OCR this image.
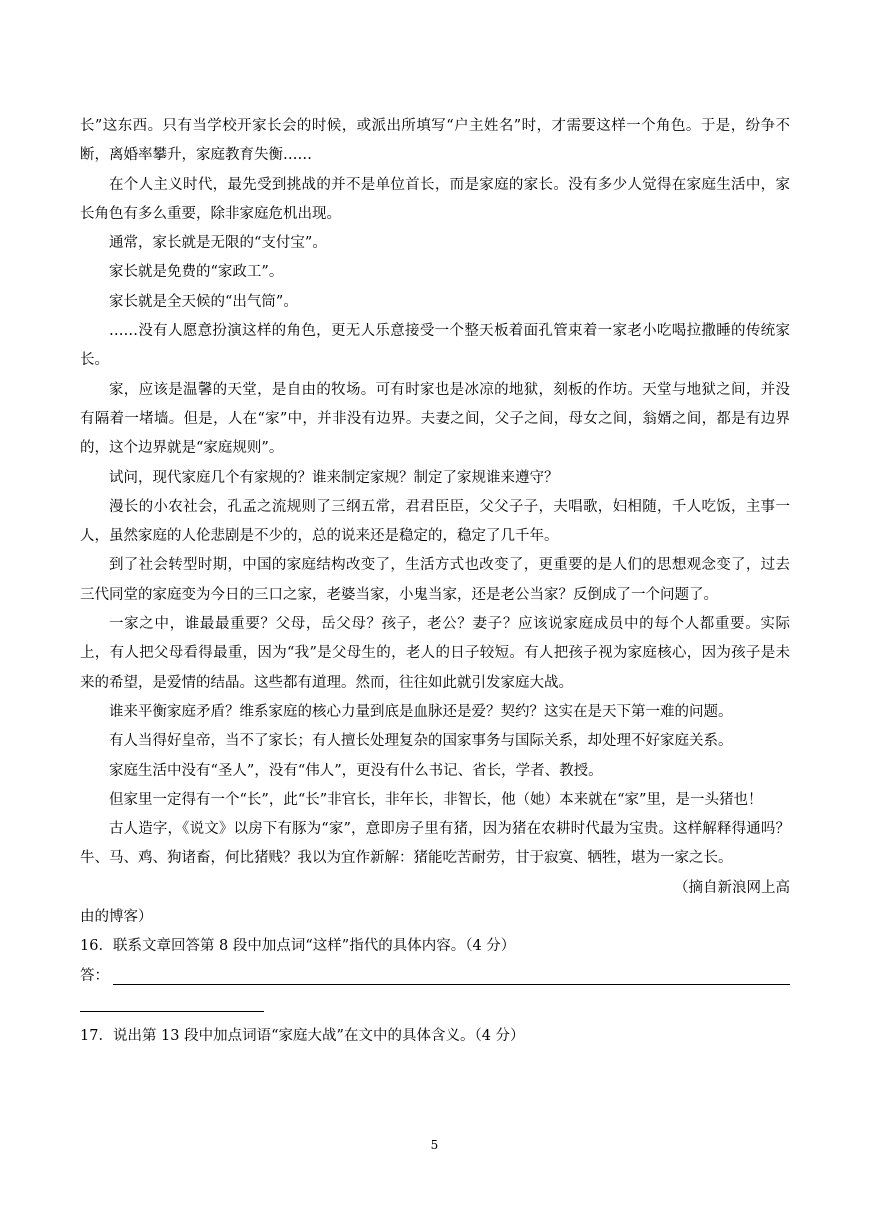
长”这东西。只有当学校开家长会的时候，或派出所填写“户主姓名”时，才需要这样一个角色。于是，纷争不断，离婚率攀升，家庭教育失衡……

在个人主义时代，最先受到挑战的并不是单位首长，而是家庭的家长。没有多少人觉得在家庭生活中，家长角色有多么重要，除非家庭危机出现。

通常，家长就是无限的“支付宝”。

家长就是免费的“家政工”。

家长就是全天候的“出气筒”。

……没有人愿意扮演这样的角色，更无人乐意接受一个整天板着面孔管束着一家老小吃喝拉撒睡的传统家长。

家，应该是温馨的天堂，是自由的牧场。可有时家也是冰凉的地狱，刻板的作坊。天堂与地狱之间，并没有隔着一堵墙。但是，人在“家”中，并非没有边界。夫妻之间，父子之间，母女之间，翁婿之间，都是有边界的，这个边界就是“家庭规则”。

试问，现代家庭几个有家规的？谁来制定家规？制定了家规谁来遵守？

漫长的小农社会，孔孟之流规则了三纲五常，君君臣臣，父父子子，夫唱歌，妇相随，千人吃饭，主事一人，虽然家庭的人伦悲剧是不少的，总的说来还是稳定的，稳定了几千年。

到了社会转型时期，中国的家庭结构改变了，生活方式也改变了，更重要的是人们的思想观念变了，过去三代同堂的家庭变为今日的三口之家，老婆当家，小鬼当家，还是老公当家？反倒成了一个问题了。

一家之中，谁最最重要？父母，岳父母？孩子，老公？妻子？应该说家庭成员中的每个人都重要。实际上，有人把父母看得最重，因为“我”是父母生的，老人的日子较短。有人把孩子视为家庭核心，因为孩子是未来的希望，是爱情的结晶。这些都有道理。然而，往往如此就引发家庭大战。

谁来平衡家庭矛盾？维系家庭的核心力量到底是血脉还是爱？契约？这实在是天下第一难的问题。

有人当得好皇帝，当不了家长；有人擅长处理复杂的国家事务与国际关系，却处理不好家庭关系。

家庭生活中没有“圣人”，没有“伟人”，更没有什么书记、省长，学者、教授。

但家里一定得有一个“长”，此“长”非官长，非年长，非智长，他（她）本来就在“家”里，是一头猪也！

古人造字，《说文》以房下有豚为“家”，意即房子里有猪，因为猪在农耕时代最为宝贵。这样解释得通吗？牛、马、鸡、狗诸畜，何比猪贱？我以为宜作新解：猪能吃苦耐劳，甘于寂寞、牺牲，堪为一家之长。

（摘自新浪网上高

由的博客）

16．联系文章回答第 8 段中加点词“这样”指代的具体内容。（4 分）

答：

17．说出第 13 段中加点词语“家庭大战”在文中的具体含义。（4 分）

5
